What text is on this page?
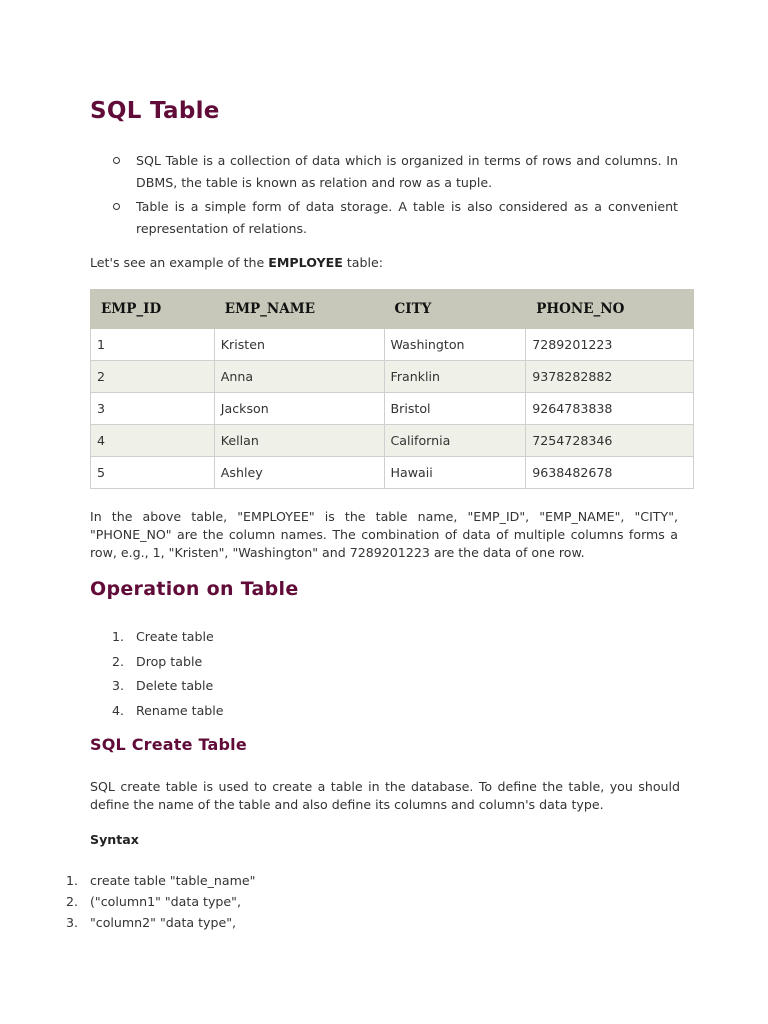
SQL Table
SQL Table is a collection of data which is organized in terms of rows and columns. In DBMS, the table is known as relation and row as a tuple.
Table is a simple form of data storage. A table is also considered as a convenient representation of relations.

Let's see an example of the EMPLOYEE table:

EMP_ID	EMP_NAME	CITY	PHONE_NO
1	Kristen	Washington	7289201223
2	Anna	Franklin	9378282882
3	Jackson	Bristol	9264783838
4	Kellan	California	7254728346
5	Ashley	Hawaii	9638482678

In the above table, "EMPLOYEE" is the table name, "EMP_ID", "EMP_NAME", "CITY", "PHONE_NO" are the column names. The combination of data of multiple columns forms a row, e.g., 1, "Kristen", "Washington" and 7289201223 are the data of one row.

Operation on Table
1. Create table
2. Drop table
3. Delete table
4. Rename table
SQL Create Table

SQL create table is used to create a table in the database. To define the table, you should define the name of the table and also define its columns and column's data type.

Syntax

1. create table "table_name"
2. ("column1" "data type",
3. "column2" "data type",
